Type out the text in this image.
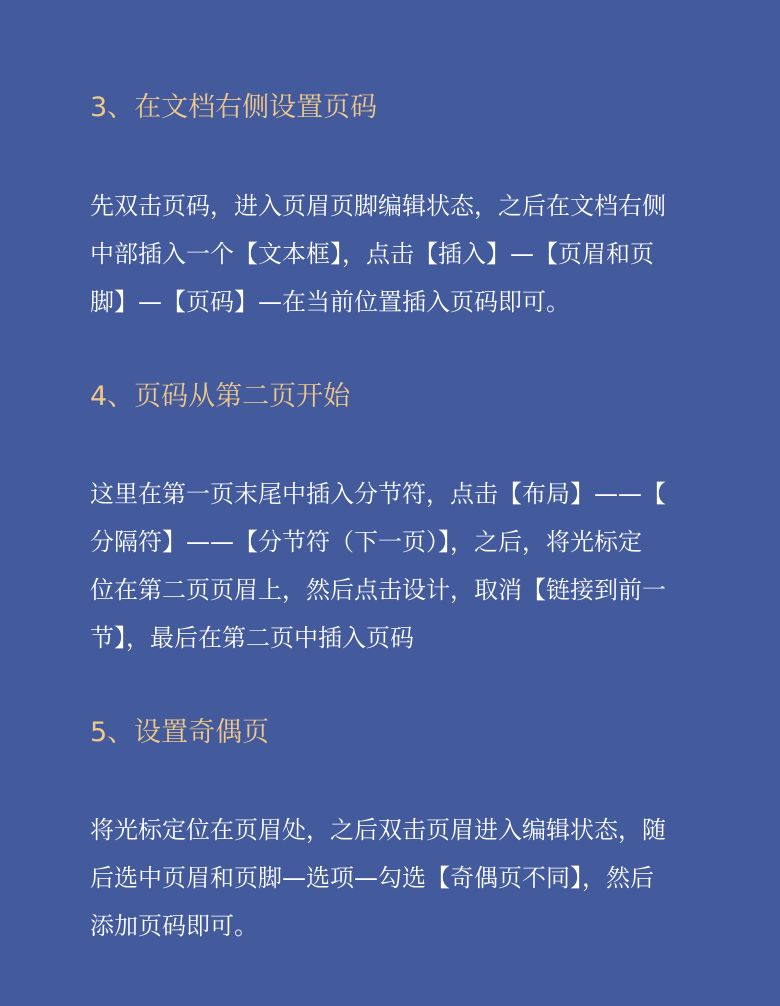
3、在文档右侧设置页码

先双击页码，进入页眉页脚编辑状态，之后在文档右侧
中部插入一个【文本框】，点击【插入】—【页眉和页
脚】—【页码】—在当前位置插入页码即可。

4、页码从第二页开始

这里在第一页末尾中插入分节符，点击【布局】——【
分隔符】——【分节符（下一页）】，之后，将光标定
位在第二页页眉上，然后点击设计，取消【链接到前一
节】，最后在第二页中插入页码

5、设置奇偶页

将光标定位在页眉处，之后双击页眉进入编辑状态，随
后选中页眉和页脚—选项—勾选【奇偶页不同】，然后
添加页码即可。
